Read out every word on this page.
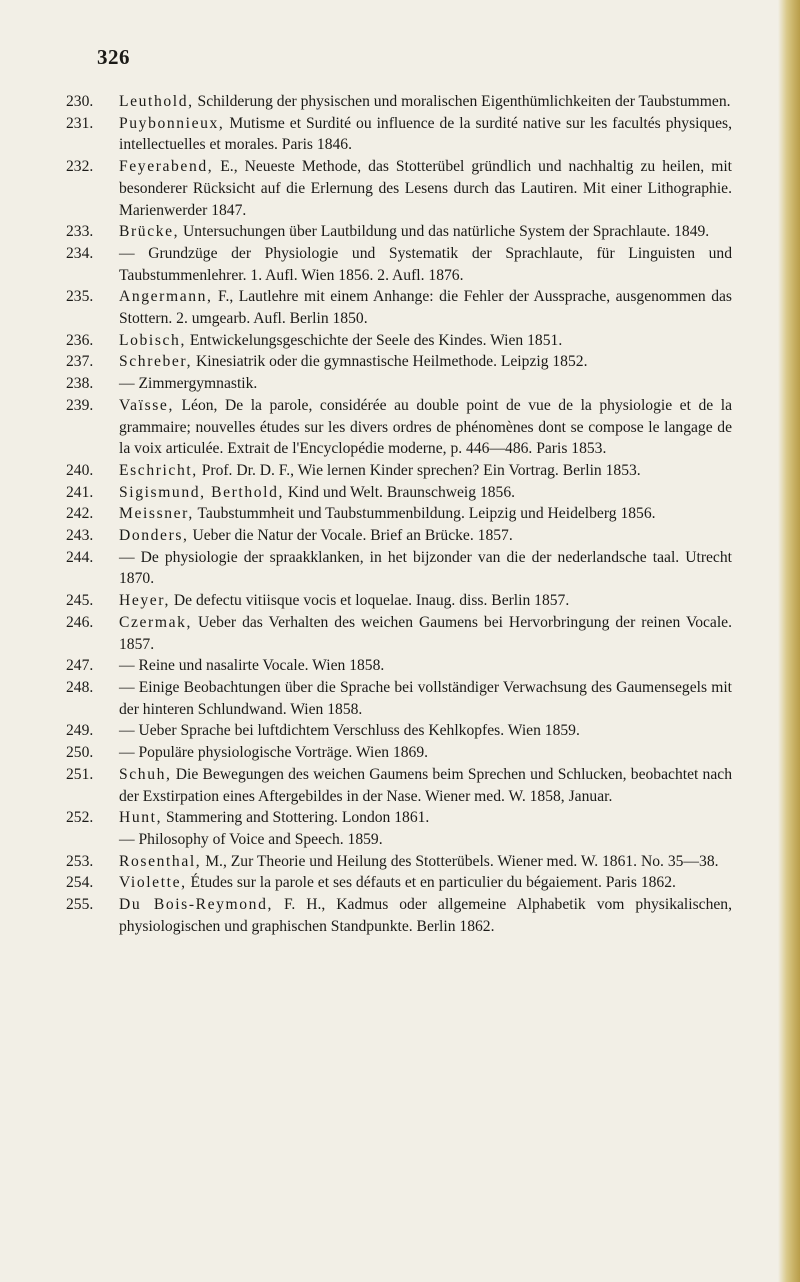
326

230.	Leuthold, Schilderung der physischen und moralischen Eigenthümlichkeiten der Taubstummen.

231.	Puybonnieux, Mutisme et Surdité ou influence de la surdité native sur les facultés physiques, intellectuelles et morales. Paris 1846.

232.	Feyerabend, E., Neueste Methode, das Stotterübel gründlich und nachhaltig zu heilen, mit besonderer Rücksicht auf die Erlernung des Lesens durch das Lautiren. Mit einer Lithographie. Marienwerder 1847.

233.	Brücke, Untersuchungen über Lautbildung und das natürliche System der Sprachlaute. 1849.

234.	— Grundzüge der Physiologie und Systematik der Sprachlaute, für Linguisten und Taubstummenlehrer. 1. Aufl. Wien 1856. 2. Aufl. 1876.

235.	Angermann, F., Lautlehre mit einem Anhange: die Fehler der Aussprache, ausgenommen das Stottern. 2. umgearb. Aufl. Berlin 1850.

236.	Lobisch, Entwickelungsgeschichte der Seele des Kindes. Wien 1851.

237.	Schreber, Kinesiatrik oder die gymnastische Heilmethode. Leipzig 1852.

238.	— Zimmergymnastik.

239.	Vaïsse, Léon, De la parole, considérée au double point de vue de la physiologie et de la grammaire; nouvelles études sur les divers ordres de phénomènes dont se compose le langage de la voix articulée. Extrait de l'Encyclopédie moderne, p. 446—486. Paris 1853.

240.	Eschricht, Prof. Dr. D. F., Wie lernen Kinder sprechen? Ein Vortrag. Berlin 1853.

241.	Sigismund, Berthold, Kind und Welt. Braunschweig 1856.

242.	Meissner, Taubstummheit und Taubstummenbildung. Leipzig und Heidelberg 1856.

243.	Donders, Ueber die Natur der Vocale. Brief an Brücke. 1857.

244.	— De physiologie der spraakklanken, in het bijzonder van die der nederlandsche taal. Utrecht 1870.

245.	Heyer, De defectu vitiisque vocis et loquelae. Inaug. diss. Berlin 1857.

246.	Czermak, Ueber das Verhalten des weichen Gaumens bei Hervorbringung der reinen Vocale. 1857.

247.	— Reine und nasalirte Vocale. Wien 1858.

248.	— Einige Beobachtungen über die Sprache bei vollständiger Verwachsung des Gaumensegels mit der hinteren Schlundwand. Wien 1858.

249.	— Ueber Sprache bei luftdichtem Verschluss des Kehlkopfes. Wien 1859.

250.	— Populäre physiologische Vorträge. Wien 1869.

251.	Schuh, Die Bewegungen des weichen Gaumens beim Sprechen und Schlucken, beobachtet nach der Exstirpation eines Aftergebildes in der Nase. Wiener med. W. 1858, Januar.

252.	Hunt, Stammering and Stottering. London 1861.

— Philosophy of Voice and Speech. 1859.

253.	Rosenthal, M., Zur Theorie und Heilung des Stotterübels. Wiener med. W. 1861. No. 35—38.

254.	Violette, Études sur la parole et ses défauts et en particulier du bégaiement. Paris 1862.

255.	Du Bois-Reymond, F. H., Kadmus oder allgemeine Alphabetik vom physikalischen, physiologischen und graphischen Standpunkte. Berlin 1862.
